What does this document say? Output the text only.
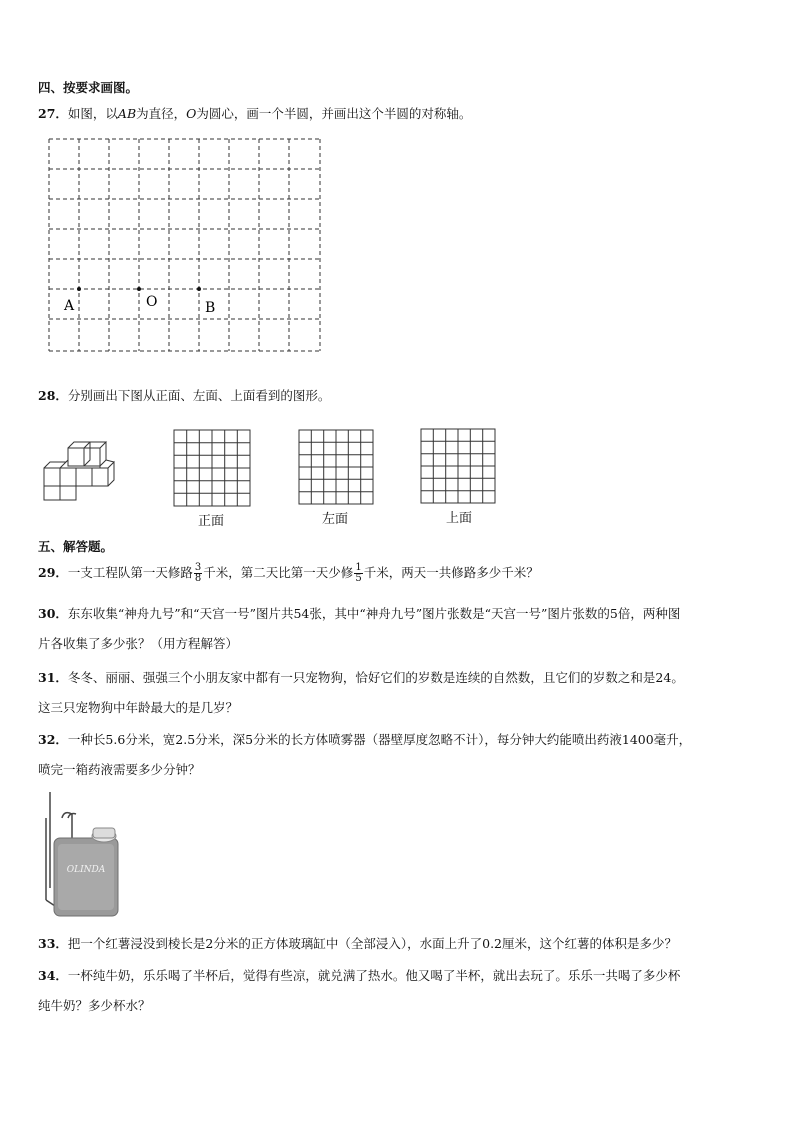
四、按要求画图。
27．如图，以AB为直径，O为圆心，画一个半圆，并画出这个半圆的对称轴。
A	O	B
28．分别画出下图从正面、左面、上面看到的图形。
正面	左面	上面
五、解答题。
29．一支工程队第一天修路 $\frac{3}{8}$ 千米，第二天比第一天少修 $\frac{1}{5}$ 千米，两天一共修路多少千米？
30．东东收集“神舟九号”和“天宫一号”图片共54张，其中“神舟九号”图片张数是“天宫一号”图片张数的5倍，两种图
片各收集了多少张？（用方程解答）
31．冬冬、丽丽、强强三个小朋友家中都有一只宠物狗，恰好它们的岁数是连续的自然数，且它们的岁数之和是24。
这三只宠物狗中年龄最大的是几岁？
32．一种长5.6分米，宽2.5分米，深5分米的长方体喷雾器（器壁厚度忽略不计），每分钟大约能喷出药液1400毫升，
喷完一箱药液需要多少分钟？
OLINDA
33．把一个红薯浸没到棱长是2分米的正方体玻璃缸中（全部浸入），水面上升了0.2厘米，这个红薯的体积是多少？
34．一杯纯牛奶，乐乐喝了半杯后，觉得有些凉，就兑满了热水。他又喝了半杯，就出去玩了。乐乐一共喝了多少杯
纯牛奶？多少杯水？
